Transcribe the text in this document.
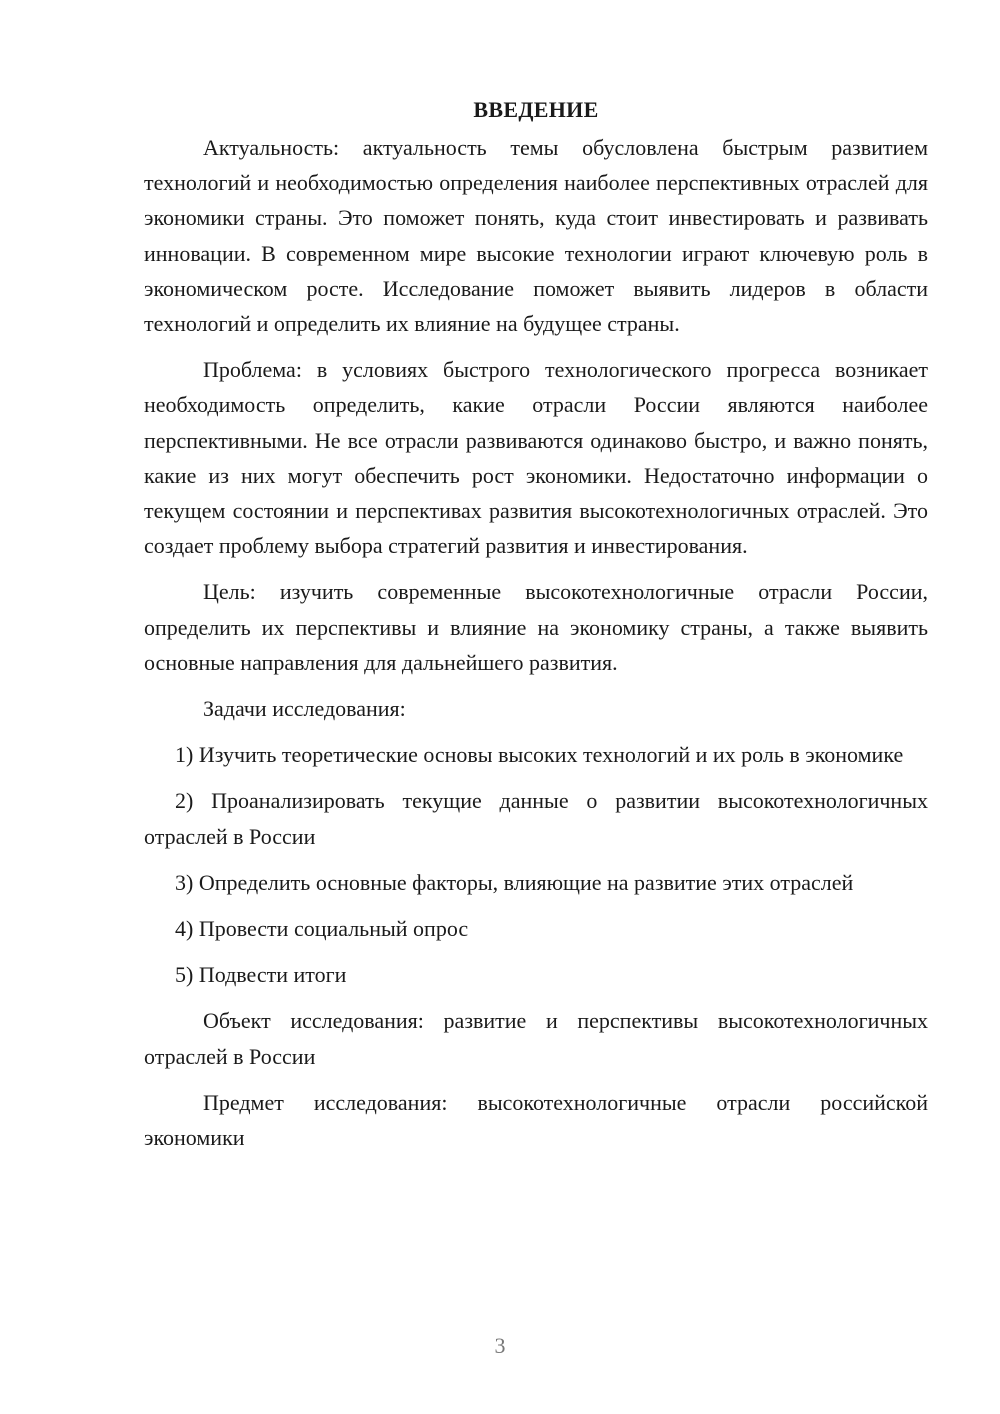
ВВЕДЕНИЕ

Актуальность: актуальность темы обусловлена быстрым развитием технологий и необходимостью определения наиболее перспективных отраслей для экономики страны. Это поможет понять, куда стоит инвестировать и развивать инновации. В современном мире высокие технологии играют ключевую роль в экономическом росте. Исследование поможет выявить лидеров в области технологий и определить их влияние на будущее страны.

Проблема: в условиях быстрого технологического прогресса возникает необходимость определить, какие отрасли России являются наиболее перспективными. Не все отрасли развиваются одинаково быстро, и важно понять, какие из них могут обеспечить рост экономики. Недостаточно информации о текущем состоянии и перспективах развития высокотехнологичных отраслей. Это создает проблему выбора стратегий развития и инвестирования.

Цель: изучить современные высокотехнологичные отрасли России, определить их перспективы и влияние на экономику страны, а также выявить основные направления для дальнейшего развития.

Задачи исследования:

1) Изучить теоретические основы высоких технологий и их роль в экономике

2) Проанализировать текущие данные о развитии высокотехнологичных отраслей в России

3) Определить основные факторы, влияющие на развитие этих отраслей

4) Провести социальный опрос

5) Подвести итоги

Объект исследования: развитие и перспективы высокотехнологичных отраслей в России

Предмет исследования: высокотехнологичные отрасли российской экономики

3
